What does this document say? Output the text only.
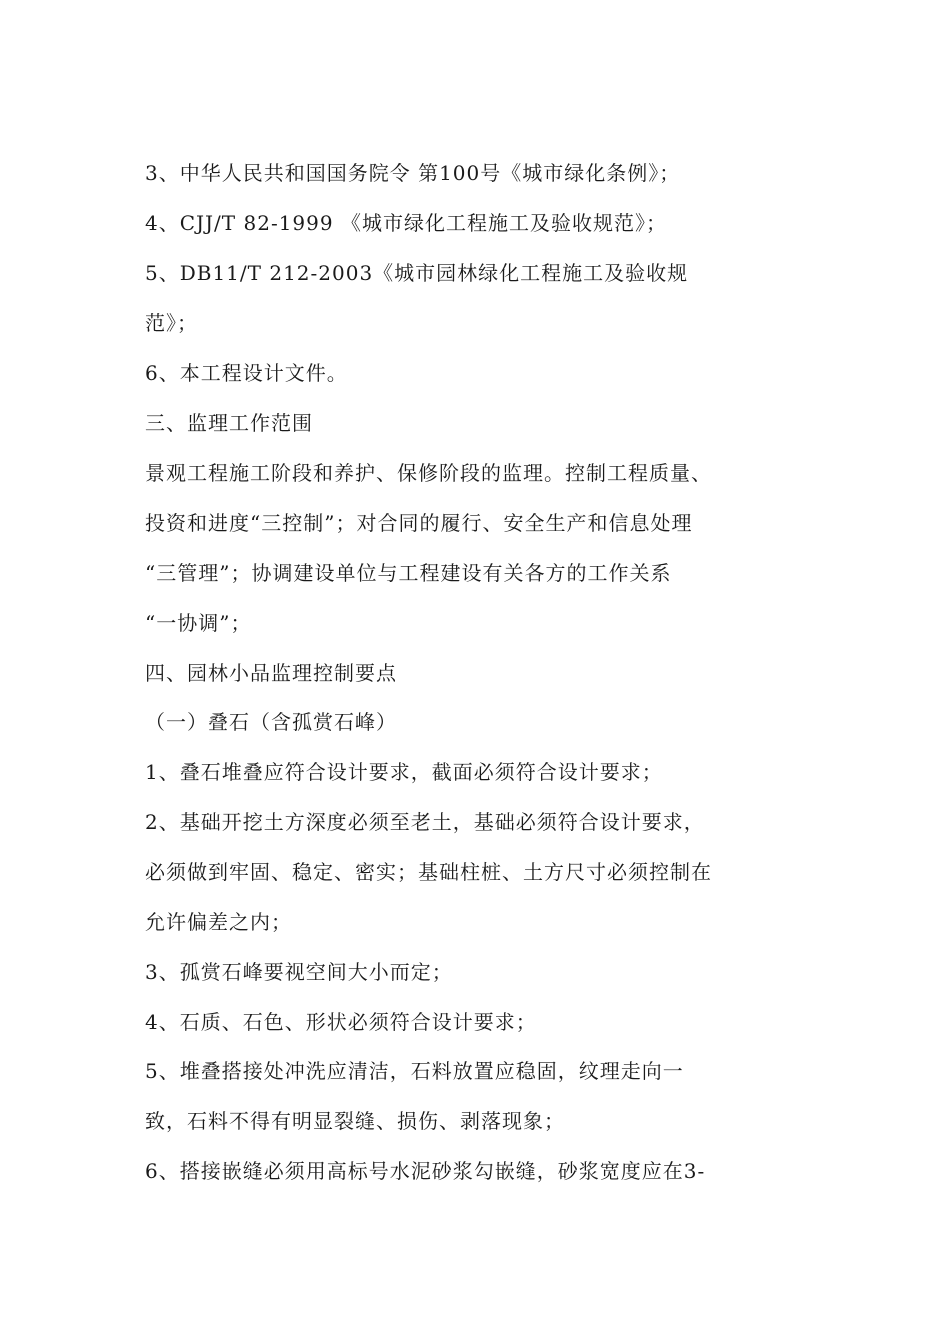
3、中华人民共和国国务院令 第100号《城市绿化条例》；

4、CJJ/T 82-1999 《城市绿化工程施工及验收规范》；

5、DB11/T 212-2003《城市园林绿化工程施工及验收规

范》；

6、本工程设计文件。

三、监理工作范围

景观工程施工阶段和养护、保修阶段的监理。控制工程质量、

投资和进度“三控制”；对合同的履行、安全生产和信息处理

“三管理”；协调建设单位与工程建设有关各方的工作关系

“一协调”；

四、园林小品监理控制要点

（一）叠石（含孤赏石峰）

1、叠石堆叠应符合设计要求，截面必须符合设计要求；

2、基础开挖土方深度必须至老土，基础必须符合设计要求，

必须做到牢固、稳定、密实；基础柱桩、土方尺寸必须控制在

允许偏差之内；

3、孤赏石峰要视空间大小而定；

4、石质、石色、形状必须符合设计要求；

5、堆叠搭接处冲洗应清洁，石料放置应稳固，纹理走向一

致，石料不得有明显裂缝、损伤、剥落现象；

6、搭接嵌缝必须用高标号水泥砂浆勾嵌缝，砂浆宽度应在3-
